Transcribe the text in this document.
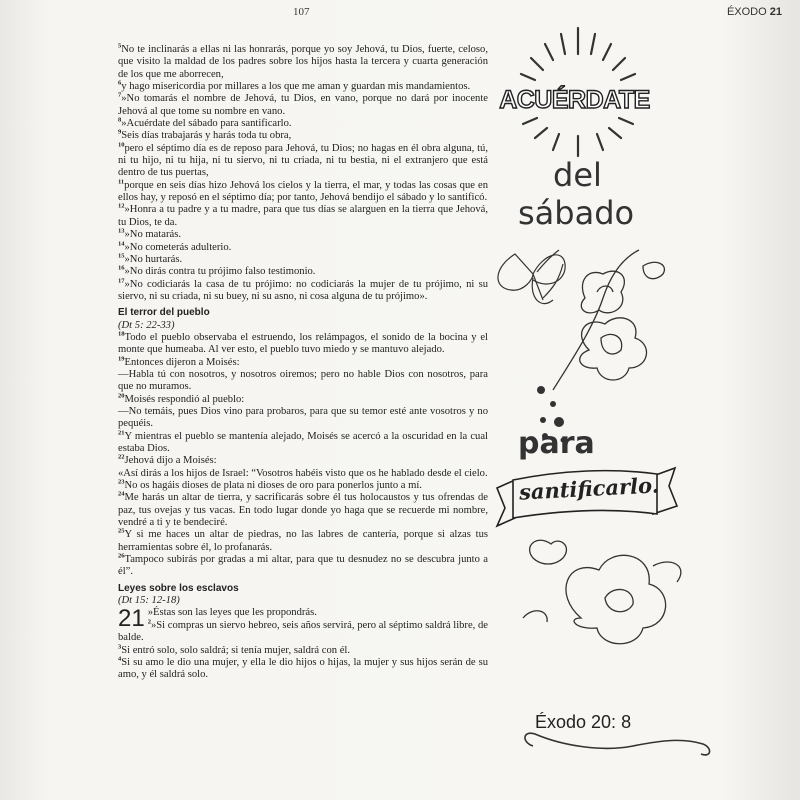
107	ÉXODO 21

$^5$No te inclinarás a ellas ni las honrarás, porque yo soy Jehová, tu Dios, fuerte, celoso, que visito la maldad de los padres sobre los hijos hasta la tercera y cuarta generación de los que me aborrecen,

$^6$y hago misericordia por millares a los que me aman y guardan mis mandamientos.

$^7$»No tomarás el nombre de Jehová, tu Dios, en vano, porque no dará por inocente Jehová al que tome su nombre en vano.

$^8$»Acuérdate del sábado para santificarlo.

$^9$Seis días trabajarás y harás toda tu obra,

$^{10}$pero el séptimo día es de reposo para Jehová, tu Dios; no hagas en él obra alguna, tú, ni tu hijo, ni tu hija, ni tu siervo, ni tu criada, ni tu bestia, ni el extranjero que está dentro de tus puertas,

$^{11}$porque en seis días hizo Jehová los cielos y la tierra, el mar, y todas las cosas que en ellos hay, y reposó en el séptimo día; por tanto, Jehová bendijo el sábado y lo santificó.

$^{12}$»Honra a tu padre y a tu madre, para que tus días se alarguen en la tierra que Jehová, tu Dios, te da.

$^{13}$»No matarás.

$^{14}$»No cometerás adulterio.

$^{15}$»No hurtarás.

$^{16}$»No dirás contra tu prójimo falso testimonio.

$^{17}$»No codiciarás la casa de tu prójimo: no codiciarás la mujer de tu prójimo, ni su siervo, ni su criada, ni su buey, ni su asno, ni cosa alguna de tu prójimo».

El terror del pueblo

(Dt 5: 22-33)

$^{18}$Todo el pueblo observaba el estruendo, los relámpagos, el sonido de la bocina y el monte que humeaba. Al ver esto, el pueblo tuvo miedo y se mantuvo alejado.

$^{19}$Entonces dijeron a Moisés:

—Habla tú con nosotros, y nosotros oiremos; pero no hable Dios con nosotros, para que no muramos.

$^{20}$Moisés respondió al pueblo:

—No temáis, pues Dios vino para probaros, para que su temor esté ante vosotros y no pequéis.

$^{21}$Y mientras el pueblo se mantenía alejado, Moisés se acercó a la oscuridad en la cual estaba Dios.

$^{22}$Jehová dijo a Moisés:

«Así dirás a los hijos de Israel: “Vosotros habéis visto que os he hablado desde el cielo.

$^{23}$No os hagáis dioses de plata ni dioses de oro para ponerlos junto a mí.

$^{24}$Me harás un altar de tierra, y sacrificarás sobre él tus holocaustos y tus ofrendas de paz, tus ovejas y tus vacas. En todo lugar donde yo haga que se recuerde mi nombre, vendré a ti y te bendeciré.

$^{25}$Y si me haces un altar de piedras, no las labres de cantería, porque si alzas tus herramientas sobre él, lo profanarás.

$^{26}$Tampoco subirás por gradas a mi altar, para que tu desnudez no se descubra junto a él”.

Leyes sobre los esclavos

(Dt 15: 12-18)

21 »Éstas son las leyes que les propondrás.

$^2$»Si compras un siervo hebreo, seis años servirá, pero al séptimo saldrá libre, de balde.

$^3$Si entró solo, solo saldrá; si tenía mujer, saldrá con él.

$^4$Si su amo le dio una mujer, y ella le dio hijos o hijas, la mujer y sus hijos serán de su amo, y él saldrá solo.

ACUÉRDATE
del
sábado
para
santificarlo.
Éxodo 20: 8
